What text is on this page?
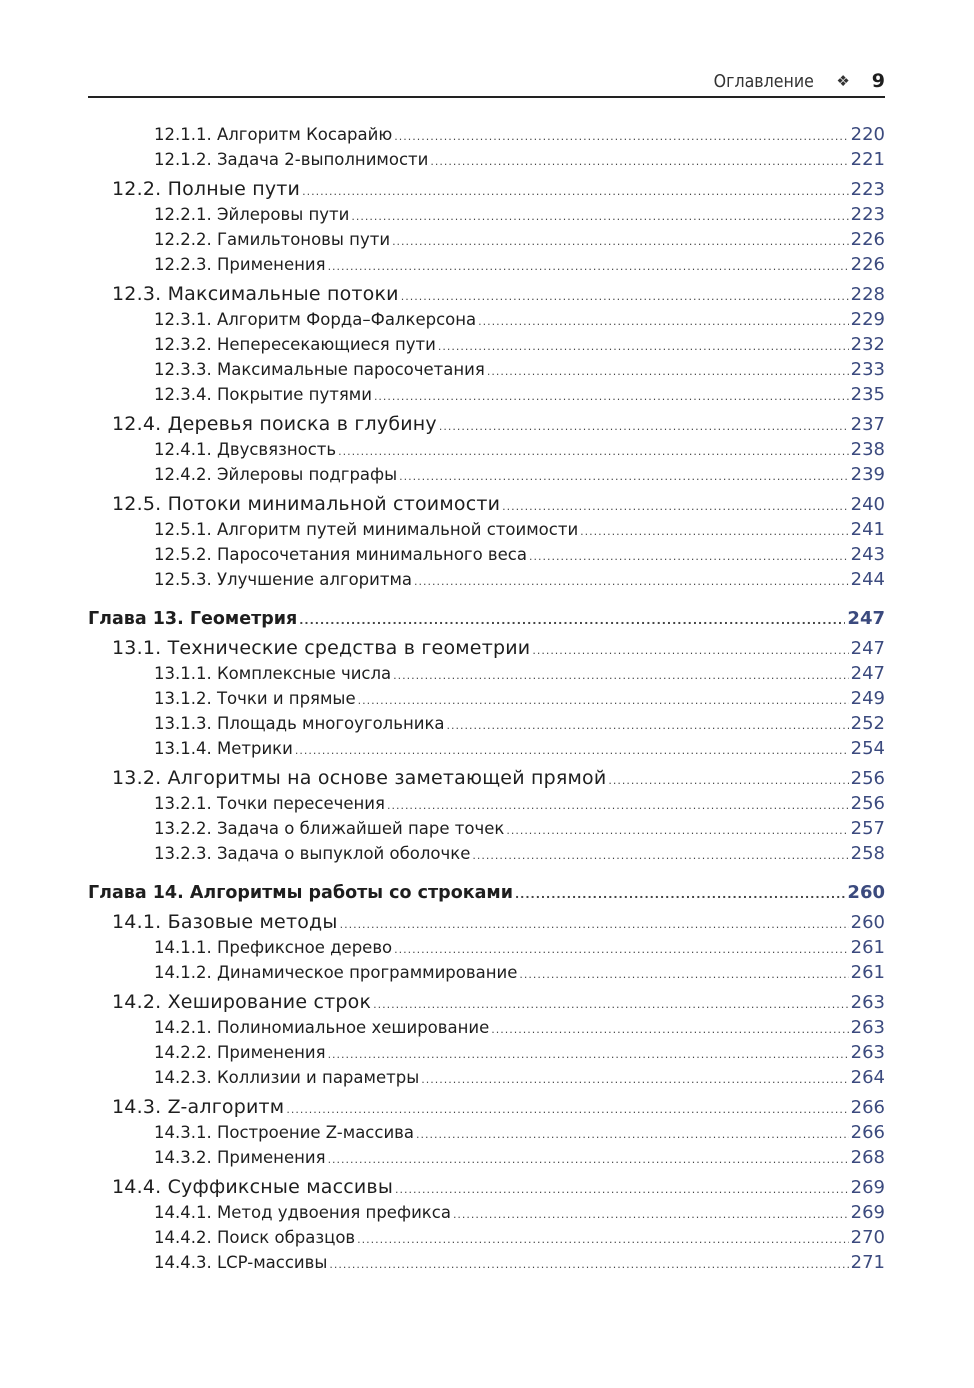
Оглавление ❖ 9
12.1.1. Алгоритм Косарайю .....	220
12.1.2. Задача 2-выполнимости .....	221
12.2. Полные пути .....	223
12.2.1. Эйлеровы пути .....	223
12.2.2. Гамильтоновы пути .....	226
12.2.3. Применения .....	226
12.3. Максимальные потоки .....	228
12.3.1. Алгоритм Форда–Фалкерсона .....	229
12.3.2. Непересекающиеся пути .....	232
12.3.3. Максимальные паросочетания .....	233
12.3.4. Покрытие путями .....	235
12.4. Деревья поиска в глубину .....	237
12.4.1. Двусвязность .....	238
12.4.2. Эйлеровы подграфы .....	239
12.5. Потоки минимальной стоимости .....	240
12.5.1. Алгоритм путей минимальной стоимости .....	241
12.5.2. Паросочетания минимального веса .....	243
12.5.3. Улучшение алгоритма .....	244
Глава 13. Геометрия .....	247
13.1. Технические средства в геометрии .....	247
13.1.1. Комплексные числа .....	247
13.1.2. Точки и прямые .....	249
13.1.3. Площадь многоугольника .....	252
13.1.4. Метрики .....	254
13.2. Алгоритмы на основе заметающей прямой .....	256
13.2.1. Точки пересечения .....	256
13.2.2. Задача о ближайшей паре точек .....	257
13.2.3. Задача о выпуклой оболочке .....	258
Глава 14. Алгоритмы работы со строками .....	260
14.1. Базовые методы .....	260
14.1.1. Префиксное дерево .....	261
14.1.2. Динамическое программирование .....	261
14.2. Хеширование строк .....	263
14.2.1. Полиномиальное хеширование .....	263
14.2.2. Применения .....	263
14.2.3. Коллизии и параметры .....	264
14.3. Z-алгоритм .....	266
14.3.1. Построение Z-массива .....	266
14.3.2. Применения .....	268
14.4. Суффиксные массивы .....	269
14.4.1. Метод удвоения префикса .....	269
14.4.2. Поиск образцов .....	270
14.4.3. LCP-массивы .....	271
